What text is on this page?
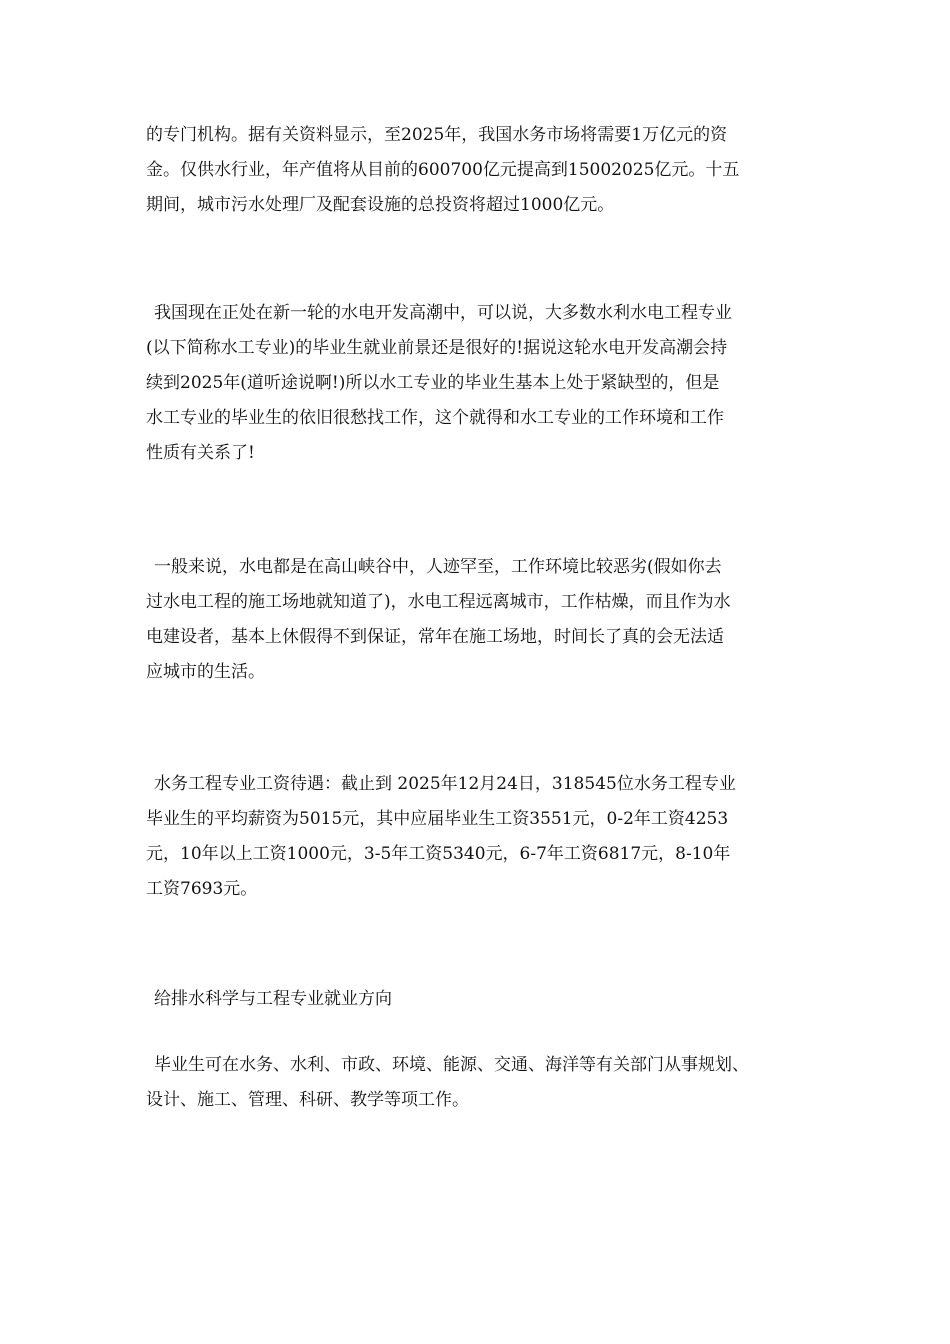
的专门机构。据有关资料显示，至2025年，我国水务市场将需要1万亿元的资
金。仅供水行业，年产值将从目前的600700亿元提高到15002025亿元。十五
期间，城市污水处理厂及配套设施的总投资将超过1000亿元。
我国现在正处在新一轮的水电开发高潮中，可以说，大多数水利水电工程专业
(以下简称水工专业)的毕业生就业前景还是很好的!据说这轮水电开发高潮会持
续到2025年(道听途说啊!)所以水工专业的毕业生基本上处于紧缺型的，但是
水工专业的毕业生的依旧很愁找工作，这个就得和水工专业的工作环境和工作
性质有关系了!
一般来说，水电都是在高山峡谷中，人迹罕至，工作环境比较恶劣(假如你去
过水电工程的施工场地就知道了)，水电工程远离城市，工作枯燥，而且作为水
电建设者，基本上休假得不到保证，常年在施工场地，时间长了真的会无法适
应城市的生活。
水务工程专业工资待遇：截止到 2025年12月24日，318545位水务工程专业
毕业生的平均薪资为5015元，其中应届毕业生工资3551元，0-2年工资4253
元，10年以上工资1000元，3-5年工资5340元，6-7年工资6817元，8-10年
工资7693元。
给排水科学与工程专业就业方向
毕业生可在水务、水利、市政、环境、能源、交通、海洋等有关部门从事规划、
设计、施工、管理、科研、教学等项工作。
